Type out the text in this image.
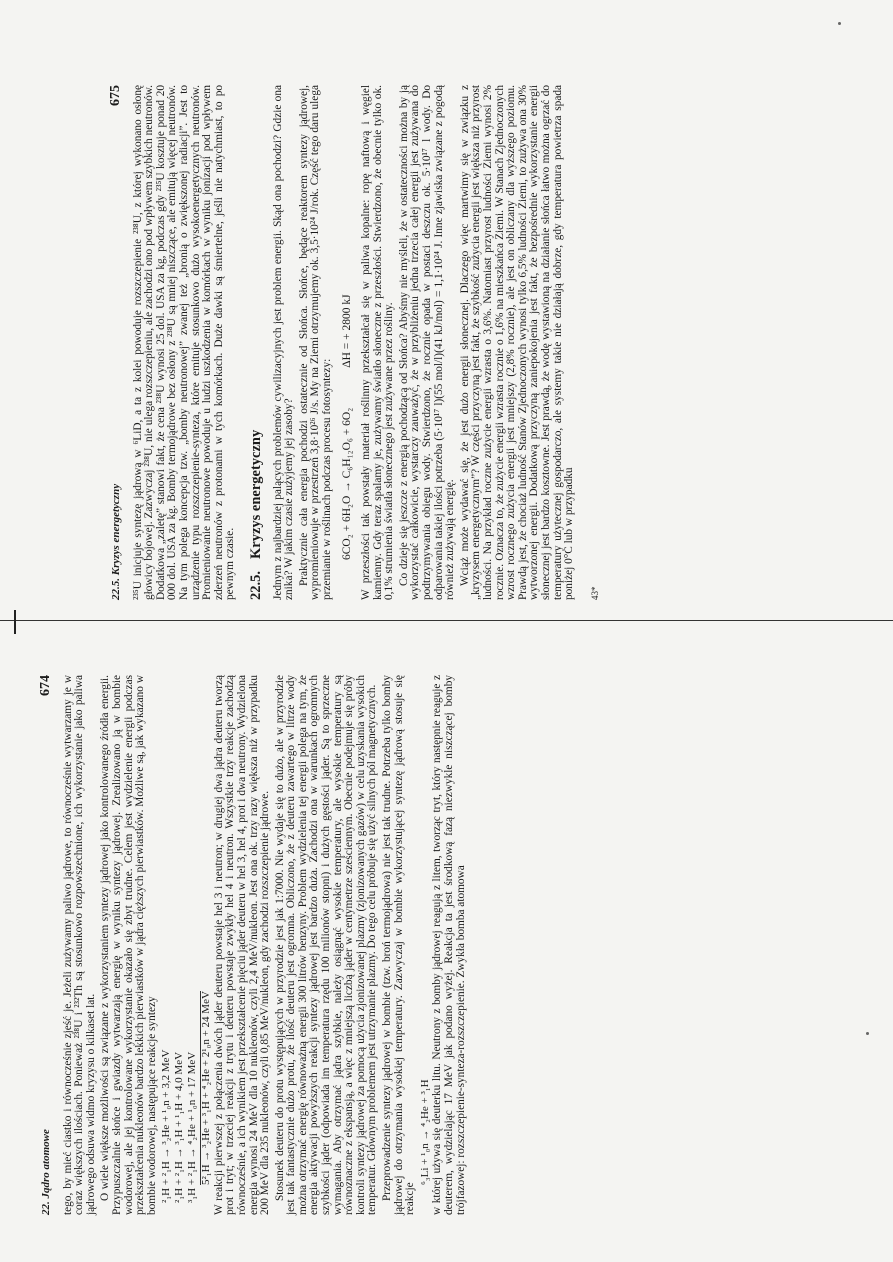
22.5. Kryzys energetyczny
675 ²³⁵U inicjuje syntezę jądrową w ⁶LiD, a ta z kolei powoduje rozszczepienie ²³⁸U, z której wykonano osłonę głowicy bojowej. Zazwyczaj ²³⁸U, nie ulega rozszczepieniu, ale zachodzi ono pod wpływem szybkich neutronów. Dodatkowa „zaletę” stanowi fakt, że cena ²³⁸U wynosi 25 dol. USA za kg, podczas gdy ²³⁵U kosztuje ponad 20 000 dol. USA za kg. Bomby termojądrowe bez osłony z ²³⁸U są mniej niszczące, ale emitują więcej neutronów. Na tym polega koncepcja tzw. „bomby neutronowej” zwanej też „bronią o zwiększonej radiacji”. Jest to urządzenie typu rozszczepienie-synteza, które emituje stosunkowo dużo wysokoenergetycznych neutronów. Promieniowanie neutronowe powoduje u ludzi uszkodzenia w komórkach w wyniku jonizacji pod wpływem zderzeń neutronów z protonami w tych komórkach. Duże dawki są śmiertelne, jeśli nie natychmiast, to po pewnym czasie. 22.5.
Kryzys energetyczny Jednym z najbardziej palących problemów cywilizacyjnych jest problem energii. Skąd ona pochodzi? Gdzie ona znika? W jakim czasie zużyjemy jej zasoby? Praktycznie cała energia pochodzi ostatecznie od Słońca. Słońce, będące reaktorem syntezy jądrowej, wypromieniowuje w przestrzeń 3,8·10²⁶ J/s. My na Ziemi otrzymujemy ok. 3,5·10²⁴ J/rok. Część tego daru ulega przemianie w roślinach podczas procesu fotosyntezy: 6CO₂ + 6H₂O → C₆H₁₂O₆ + 6O₂
ΔH = + 2800 kJ W przeszłości tak powstały materiał roślinny przekształcał się w paliwa kopalne: ropę naftową i węgiel kamienny. Gdy teraz spalamy je, zużywamy światło słoneczne z przeszłości. Stwierdzono, że obecnie tylko ok. 0,1% strumienia światła słonecznego jest zużywane przez rośliny. Co dzieje się jeszcze z energią pochodzącą od Słońca? Abyśmy nie myśleli, że w ostateczności można by ją wykorzystać całkowicie, wystarczy zauważyć, że w przybliżeniu jedna trzecia całej energii jest zużywana do podtrzymywania obiegu wody. Stwierdzono, że rocznie opada w postaci deszczu ok. 5·10¹⁷ l wody. Do odparowania takiej ilości potrzeba (5·10¹⁷ l)(55 mol/l)(41 kJ/mol) = 1,1·10²⁴ J. Inne zjawiska związane z pogodą również zużywają energię. Wciąż może wydawać się, że jest dużo energii słonecznej. Dlaczego więc martwimy się w związku z „kryzysem energetycznym”? W części przyczyną jest fakt, że szybkość zużycia energii jest większa niż przyrost ludności. Na przykład roczne zużycie energii wzrasta o 3,6%. Natomiast przyrost ludności Ziemi wynosi 2% rocznie. Oznacza to, że zużycie energii wzrasta rocznie o 1,6% na mieszkańca Ziemi. W Stanach Zjednoczonych wzrost rocznego zużycia energii jest mniejszy (2,8% rocznie), ale jest on obliczany dla wyższego poziomu. Prawdą jest, że chociaż ludność Stanów Zjednoczonych wynosi tylko 6,5% ludności Ziemi, to zużywa ona 30% wytworzonej energii. Dodatkową przyczyną zaniepokojenia jest fakt, że bezpośrednie wykorzystanie energii słonecznej jest bardzo kosztowne. Jest prawdą, że wodę wystawioną na działanie słońca łatwo można ogrzać do temperatury użytecznej gospodarczo, ale systemy takie nie działają dobrze, gdy temperatura powietrza spada poniżej 0°C lub w przypadku 43*
22. Jądro atomowe
674 tego, by mieć ciastko i równocześnie zjeść je. Jeżeli zużywamy paliwo jądrowe, to równocześnie wytwarzamy je w coraz większych ilościach. Ponieważ ²³⁸U i ²³²Th są stosunkowo rozpowszechnione, ich wykorzystanie jako paliwa jądrowego odsuwa widmo kryzysu o kilkaset lat. O wiele większe możliwości są związane z wykorzystaniem syntezy jądrowej jako kontrolowanego źródła energii. Przypuszczalnie słońce i gwiazdy wytwarzają energię w wyniku syntezy jądrowej. Zrealizowano ją w bombie wodorowej, ale jej kontrolowane wykorzystanie okazało się zbyt trudne. Celem jest wydzielenie energii podczas przekształcenia nukleonów bardzo lekkich pierwiastków w jądra cięższych pierwiastków. Możliwe są, jak wykazano w bombie wodorowej, następujące reakcje syntezy ²₁H + ²₁H → ³₂He + ¹₀n + 3,2 MeV ²₁H + ²₁H → ³₁H + ¹₁H + 4,0 MeV ³₁H + ²₁H → ⁴₂He + ¹₀n + 17 MeV 5²₁H → ³₂He + ³₁H + ⁴₂He + 2¹₀n + 24 MeV W reakcji pierwszej z połączenia dwóch jąder deuteru powstaje hel 3 i neutron; w drugiej dwa jądra deuteru tworzą prot i tryt; w trzeciej reakcji z trytu i deuteru powstaje zwykły hel 4 i neutron. Wszystkie trzy reakcje zachodzą równocześnie, a ich wynikiem jest przekształcenie pięciu jąder deuteru w hel 3, hel 4, prot i dwa neutrony. Wydzielona energia wynosi 24 MeV dla 10 nukleonów, czyli 2,4 MeV/nukleon. Jest ona ok. trzy razy większa niż w przypadku 200 MeV dla 235 nukleonów, czyli 0,85 MeV/nukleon, gdy zachodzi rozszczepienie jądrowe. Stosunek deuteru do protu występujących w przyrodzie jest jak 1:7000. Nie wydaje się to dużo, ale w przyrodzie jest tak fantastycznie dużo protu, że ilość deuteru jest ogromna. Obliczono, że z deuteru zawartego w litrze wody można otrzymać energię równoważną energii 300 litrów benzyny. Problem wydzielenia tej energii polega na tym, że energia aktywacji powyższych reakcji syntezy jądrowej jest bardzo duża. Zachodzi ona w warunkach ogromnych szybkości jąder (odpowiada im temperatura rzędu 100 milionów stopni) i dużych gęstości jąder. Są to sprzeczne wymagania. Aby otrzymać jądra szybkie, należy osiągnąć wysokie temperatury, ale wysokie temperatury są równoznaczne z ekspansją, a więc z mniejszą liczbą jąder w centymetrze sześciennym. Obecnie podejmuje się próby kontroli syntezy jądrowej za pomocą użycia zjonizowanej plazmy (zjonizowanych gazów) w celu uzyskania wysokich temperatur. Głównym problemem jest utrzymanie plazmy. Do tego celu próbuje się użyć silnych pól magnetycznych. Przeprowadzenie syntezy jądrowej w bombie (tzw. broń termojądrowa) nie jest tak trudne. Potrzeba tylko bomby jądrowej do otrzymania wysokiej temperatury. Zazwyczaj w bombie wykorzystującej syntezę jądrową stosuje się reakcje

⁶₃Li + ¹₀n → ⁴₂He + ³₁H w której używa się deuterku litu. Neutrony z bomby jądrowej reagują z litem, tworząc tryt, który następnie reaguje z deuterem, wydzielając 17 MeV jak podano wyżej. Reakcja ta jest środkową fazą niezwykle niszczącej bomby trójfazowej: rozszczepienie-synteza-rozszczepienie. Zwykła bomba atomowa
